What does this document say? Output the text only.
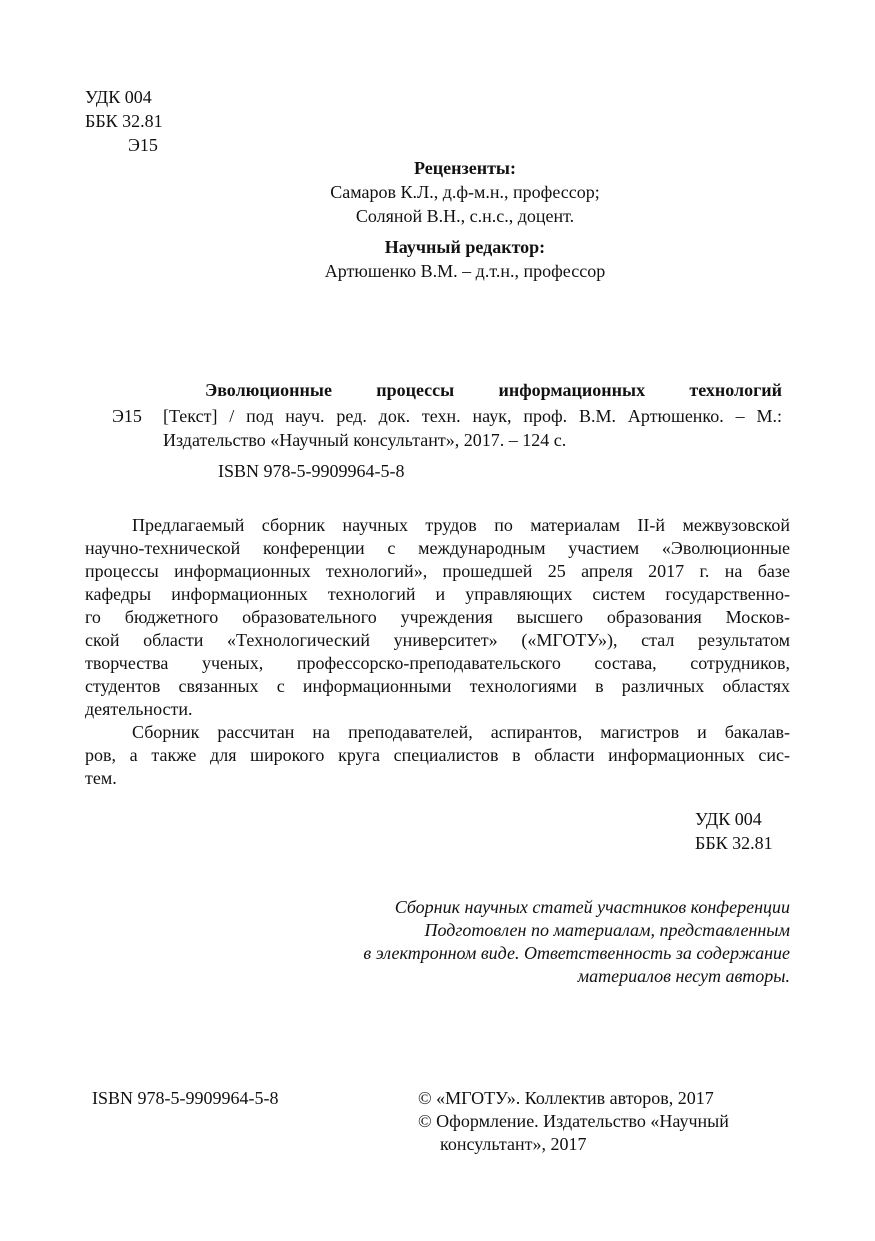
УДК 004
ББК 32.81
Э15
Рецензенты:
Самаров К.Л., д.ф-м.н., профессор;
Соляной В.Н., с.н.с., доцент.
Научный редактор:
Артюшенко В.М. – д.т.н., профессор
Эволюционные процессы информационных технологий
Э15 [Текст] / под науч. ред. док. техн. наук, проф. В.М. Артюшенко. – М.:
Издательство «Научный консультант», 2017. – 124 с.
ISBN 978-5-9909964-5-8
Предлагаемый сборник научных трудов по материалам II-й межвузовской
научно-технической конференции с международным участием «Эволюционные
процессы информационных технологий», прошедшей 25 апреля 2017 г. на базе
кафедры информационных технологий и управляющих систем государственно-
го бюджетного образовательного учреждения высшего образования Москов-
ской области «Технологический университет» («МГОТУ»), стал результатом
творчества ученых, профессорско-преподавательского состава, сотрудников,
студентов связанных с информационными технологиями в различных областях
деятельности.
Сборник рассчитан на преподавателей, аспирантов, магистров и бакалав-
ров, а также для широкого круга специалистов в области информационных сис-
тем.
УДК 004
ББК 32.81
Сборник научных статей участников конференции
Подготовлен по материалам, представленным
в электронном виде. Ответственность за содержание
материалов несут авторы.
ISBN 978-5-9909964-5-8	© «МГОТУ». Коллектив авторов, 2017
© Оформление. Издательство «Научный
консультант», 2017
